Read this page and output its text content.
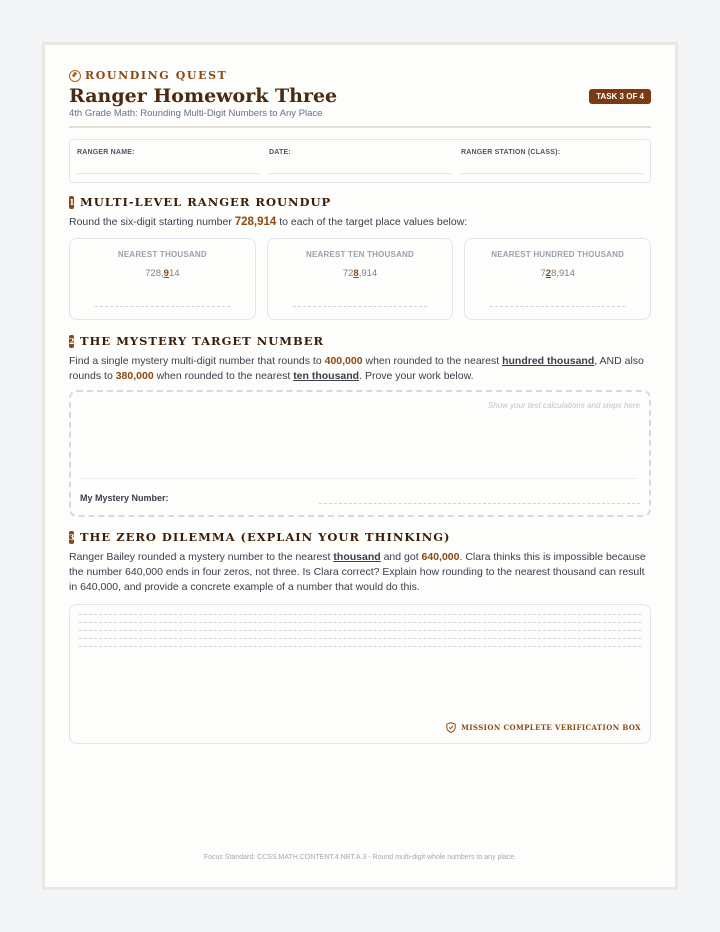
ROUNDING QUEST
Ranger Homework Three
4th Grade Math: Rounding Multi-Digit Numbers to Any Place
TASK 3 OF 4
RANGER NAME:	DATE:	RANGER STATION (CLASS):
1 MULTI-LEVEL RANGER ROUNDUP
Round the six-digit starting number 728,914 to each of the target place values below:
NEAREST THOUSAND
728,914
NEAREST TEN THOUSAND
728,914
NEAREST HUNDRED THOUSAND
728,914
2 THE MYSTERY TARGET NUMBER
Find a single mystery multi-digit number that rounds to 400,000 when rounded to the nearest hundred thousand, AND also rounds to 380,000 when rounded to the nearest ten thousand. Prove your work below.
Show your test calculations and steps here
My Mystery Number:
3 THE ZERO DILEMMA (EXPLAIN YOUR THINKING)
Ranger Bailey rounded a mystery number to the nearest thousand and got 640,000. Clara thinks this is impossible because the number 640,000 ends in four zeros, not three. Is Clara correct? Explain how rounding to the nearest thousand can result in 640,000, and provide a concrete example of a number that would do this.
MISSION COMPLETE VERIFICATION BOX
Focus Standard: CCSS.MATH.CONTENT.4.NBT.A.3 - Round multi-digit whole numbers to any place.
